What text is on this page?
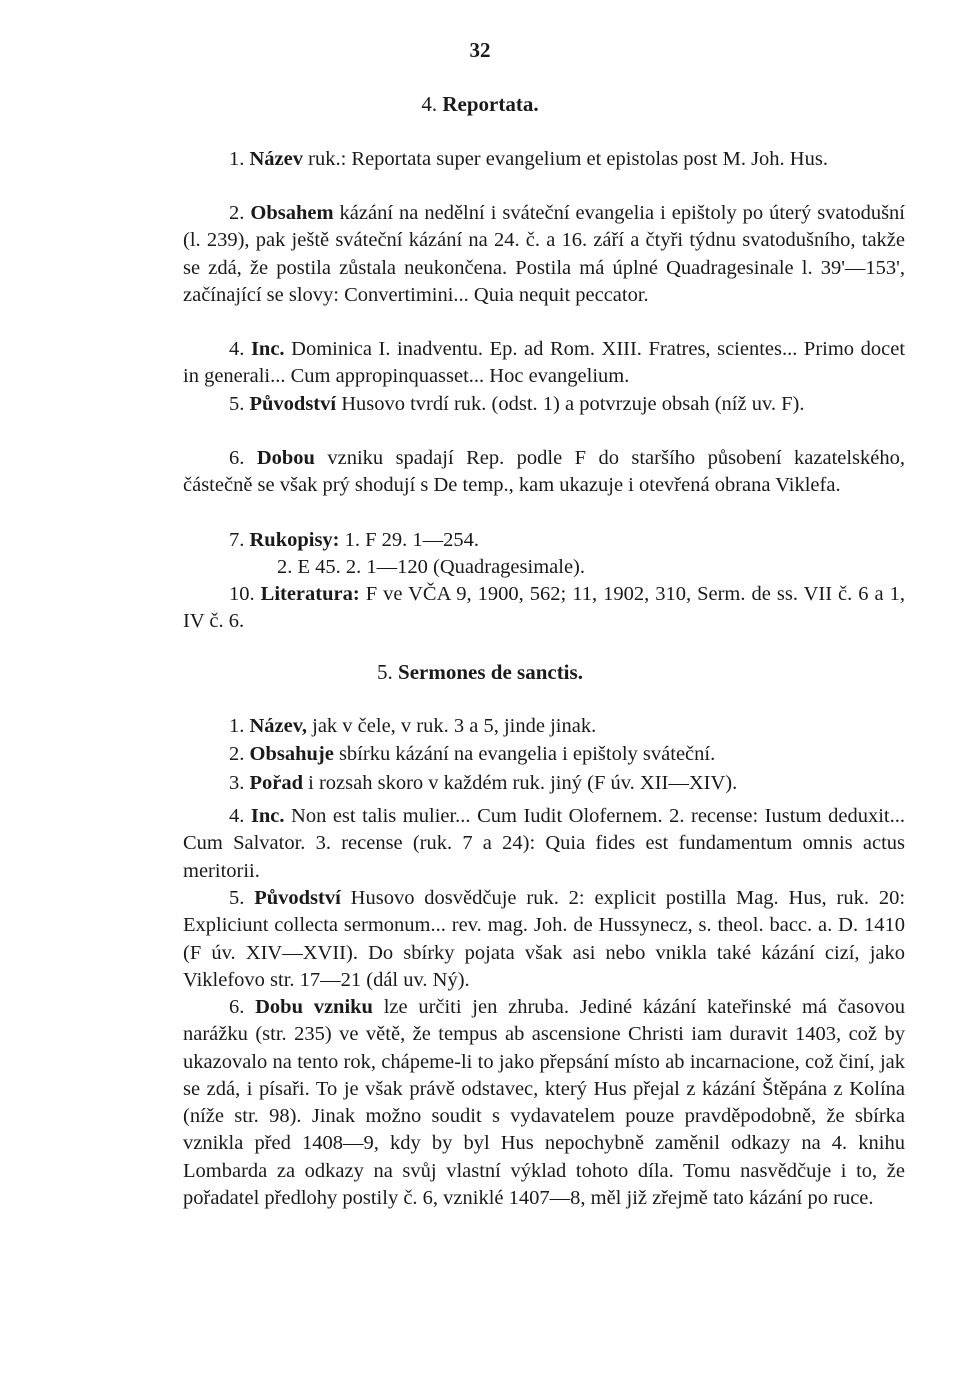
32
4. Reportata.
1. Název ruk.: Reportata super evangelium et epistolas post M. Joh. Hus.
2. Obsahem kázání na nedělní i sváteční evangelia i epištoly po úterý svatodušní (l. 239), pak ještě sváteční kázání na 24. č. a 16. září a čtyři týdnu svatodušního, takže se zdá, že postila zůstala neukončena. Postila má úplné Quadragesinale l. 39'—153', začínající se slovy: Convertimini... Quia nequit peccator.
4. Inc. Dominica I. inadventu. Ep. ad Rom. XIII. Fratres, scientes... Primo docet in generali... Cum appropinquasset... Hoc evangelium.
5. Původství Husovo tvrdí ruk. (odst. 1) a potvrzuje obsah (níž uv. F).
6. Dobou vzniku spadají Rep. podle F do staršího působení kazatelského, částečně se však prý shodují s De temp., kam ukazuje i otevřená obrana Viklefa.
7. Rukopisy: 1. F 29. 1—254.
2. E 45. 2. 1—120 (Quadragesimale).
10. Literatura: F ve VČA 9, 1900, 562; 11, 1902, 310, Serm. de ss. VII č. 6 a 1, IV č. 6.
5. Sermones de sanctis.
1. Název, jak v čele, v ruk. 3 a 5, jinde jinak.
2. Obsahuje sbírku kázání na evangelia i epištoly sváteční.
3. Pořad i rozsah skoro v každém ruk. jiný (F úv. XII—XIV).
4. Inc. Non est talis mulier... Cum Iudit Olofernem. 2. recense: Iustum deduxit... Cum Salvator. 3. recense (ruk. 7 a 24): Quia fides est fundamentum omnis actus meritorii.
5. Původství Husovo dosvědčuje ruk. 2: explicit postilla Mag. Hus, ruk. 20: Expliciunt collecta sermonum... rev. mag. Joh. de Hussynecz, s. theol. bacc. a. D. 1410 (F úv. XIV—XVII). Do sbírky pojata však asi nebo vnikla také kázání cizí, jako Viklefovo str. 17—21 (dál uv. Ný).
6. Dobu vzniku lze určiti jen zhruba. Jediné kázání kateřinské má časovou narážku (str. 235) ve větě, že tempus ab ascensione Christi iam duravit 1403, což by ukazovalo na tento rok, chápeme-li to jako přepsání místo ab incarnacione, což činí, jak se zdá, i písaři. To je však právě odstavec, který Hus přejal z kázání Štěpána z Kolína (níže str. 98). Jinak možno soudit s vydavatelem pouze pravděpodobně, že sbírka vznikla před 1408—9, kdy by byl Hus nepochybně zaměnil odkazy na 4. knihu Lombarda za odkazy na svůj vlastní výklad tohoto díla. Tomu nasvědčuje i to, že pořadatel předlohy postily č. 6, vzniklé 1407—8, měl již zřejmě tato kázání po ruce.
